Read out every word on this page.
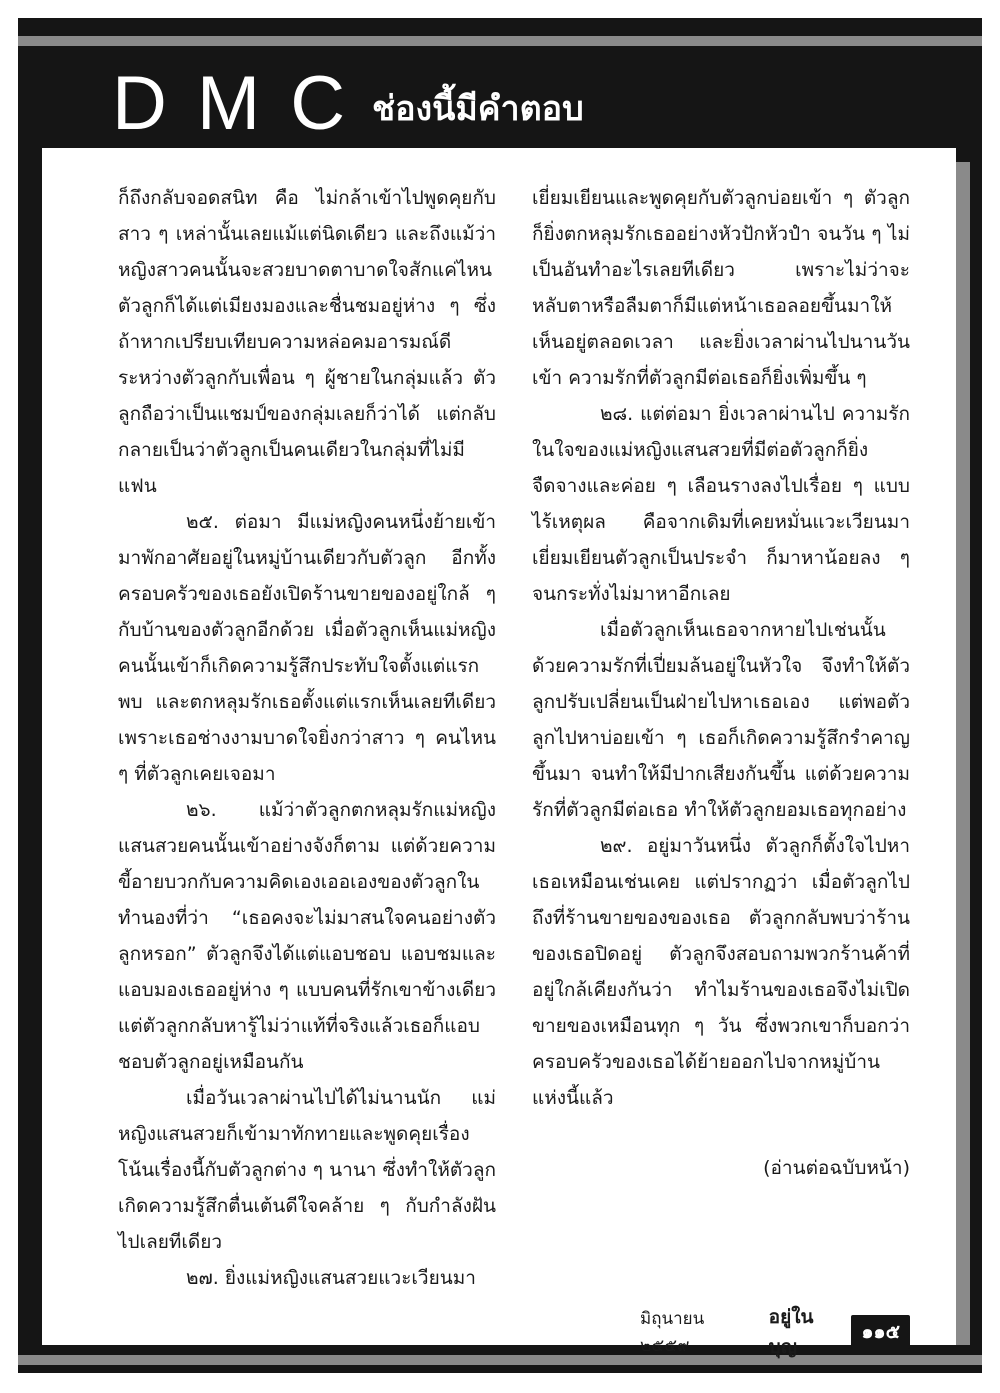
DMC
ช่องนี้มีคำตอบ

ก็ถึงกลับจอดสนิท คือ ไม่กล้าเข้าไปพูดคุยกับสาว ๆ เหล่านั้นเลยแม้แต่นิดเดียว และถึงแม้ว่าหญิงสาวคนนั้นจะสวยบาดตาบาดใจสักแค่ไหน ตัวลูกก็ได้แต่เมียงมองและชื่นชมอยู่ห่าง ๆ ซึ่งถ้าหากเปรียบเทียบความหล่อคมอารมณ์ดีระหว่างตัวลูกกับเพื่อน ๆ ผู้ชายในกลุ่มแล้ว ตัวลูกถือว่าเป็นแชมป์ของกลุ่มเลยก็ว่าได้ แต่กลับกลายเป็นว่าตัวลูกเป็นคนเดียวในกลุ่มที่ไม่มีแฟน

๒๕. ต่อมา มีแม่หญิงคนหนึ่งย้ายเข้ามาพักอาศัยอยู่ในหมู่บ้านเดียวกับตัวลูก อีกทั้งครอบครัวของเธอยังเปิดร้านขายของอยู่ใกล้ ๆ กับบ้านของตัวลูกอีกด้วย เมื่อตัวลูกเห็นแม่หญิงคนนั้นเข้าก็เกิดความรู้สึกประทับใจตั้งแต่แรกพบ และตกหลุมรักเธอตั้งแต่แรกเห็นเลยทีเดียว เพราะเธอช่างงามบาดใจยิ่งกว่าสาว ๆ คนไหน ๆ ที่ตัวลูกเคยเจอมา

๒๖. แม้ว่าตัวลูกตกหลุมรักแม่หญิงแสนสวยคนนั้นเข้าอย่างจังก็ตาม แต่ด้วยความขี้อายบวกกับความคิดเองเออเองของตัวลูกในทำนองที่ว่า “เธอคงจะไม่มาสนใจคนอย่างตัวลูกหรอก” ตัวลูกจึงได้แต่แอบชอบ แอบชมและแอบมองเธออยู่ห่าง ๆ แบบคนที่รักเขาข้างเดียว แต่ตัวลูกกลับหารู้ไม่ว่าแท้ที่จริงแล้วเธอก็แอบชอบตัวลูกอยู่เหมือนกัน

เมื่อวันเวลาผ่านไปได้ไม่นานนัก แม่หญิงแสนสวยก็เข้ามาทักทายและพูดคุยเรื่องโน้นเรื่องนี้กับตัวลูกต่าง ๆ นานา ซึ่งทำให้ตัวลูกเกิดความรู้สึกตื่นเต้นดีใจคล้าย ๆ กับกำลังฝันไปเลยทีเดียว

๒๗. ยิ่งแม่หญิงแสนสวยแวะเวียนมา

เยี่ยมเยียนและพูดคุยกับตัวลูกบ่อยเข้า ๆ ตัวลูกก็ยิ่งตกหลุมรักเธออย่างหัวปักหัวปำ จนวัน ๆ ไม่เป็นอันทำอะไรเลยทีเดียว เพราะไม่ว่าจะหลับตาหรือลืมตาก็มีแต่หน้าเธอลอยขึ้นมาให้เห็นอยู่ตลอดเวลา และยิ่งเวลาผ่านไปนานวันเข้า ความรักที่ตัวลูกมีต่อเธอก็ยิ่งเพิ่มขึ้น ๆ

๒๘. แต่ต่อมา ยิ่งเวลาผ่านไป ความรักในใจของแม่หญิงแสนสวยที่มีต่อตัวลูกก็ยิ่งจืดจางและค่อย ๆ เลือนรางลงไปเรื่อย ๆ แบบไร้เหตุผล คือจากเดิมที่เคยหมั่นแวะเวียนมาเยี่ยมเยียนตัวลูกเป็นประจำ ก็มาหาน้อยลง ๆ จนกระทั่งไม่มาหาอีกเลย

เมื่อตัวลูกเห็นเธอจากหายไปเช่นนั้น ด้วยความรักที่เปี่ยมล้นอยู่ในหัวใจ จึงทำให้ตัวลูกปรับเปลี่ยนเป็นฝ่ายไปหาเธอเอง แต่พอตัวลูกไปหาบ่อยเข้า ๆ เธอก็เกิดความรู้สึกรำคาญขึ้นมา จนทำให้มีปากเสียงกันขึ้น แต่ด้วยความรักที่ตัวลูกมีต่อเธอ ทำให้ตัวลูกยอมเธอทุกอย่าง

๒๙. อยู่มาวันหนึ่ง ตัวลูกก็ตั้งใจไปหาเธอเหมือนเช่นเคย แต่ปรากฏว่า เมื่อตัวลูกไปถึงที่ร้านขายของของเธอ ตัวลูกกลับพบว่าร้านของเธอปิดอยู่ ตัวลูกจึงสอบถามพวกร้านค้าที่อยู่ใกล้เคียงกันว่า ทำไมร้านของเธอจึงไม่เปิดขายของเหมือนทุก ๆ วัน ซึ่งพวกเขาก็บอกว่า ครอบครัวของเธอได้ย้ายออกไปจากหมู่บ้านแห่งนี้แล้ว

(อ่านต่อฉบับหน้า)

มิถุนายน ๒๕๕๙
อยู่ในบุญ
๑๑๕
